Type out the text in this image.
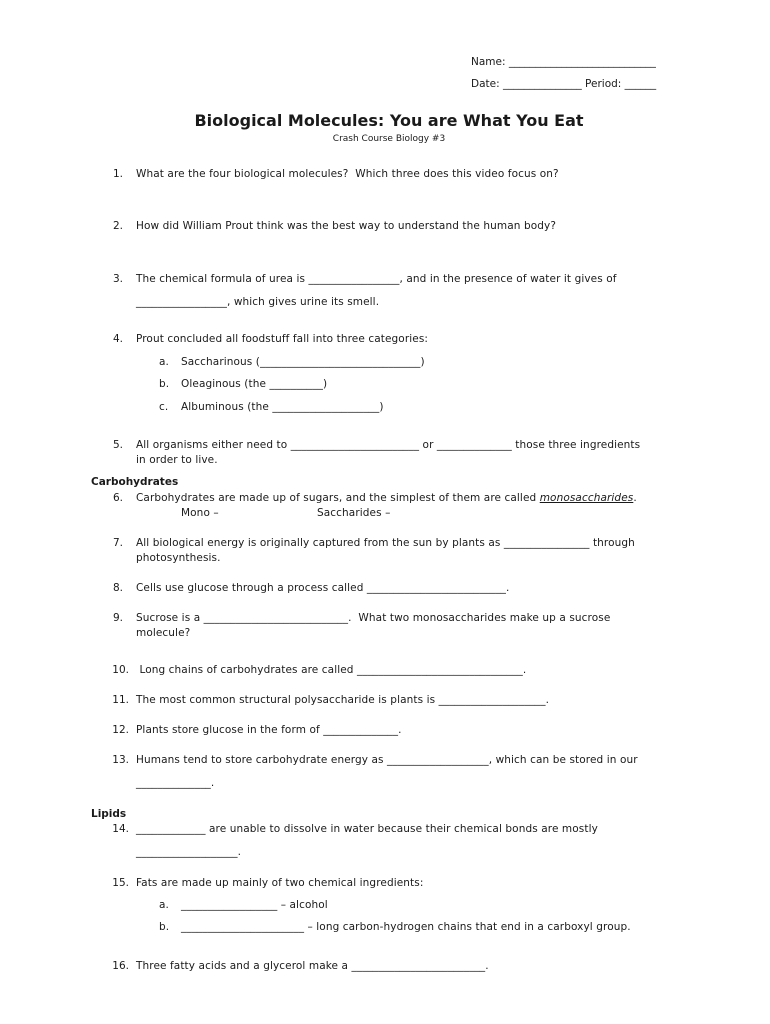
Name: ____________________________
Date: _______________ Period: ______
Biological Molecules: You are What You Eat
Crash Course Biology #3
1. What are the four biological molecules?  Which three does this video focus on?
2. How did William Prout think was the best way to understand the human body?
3. The chemical formula of urea is _________________, and in the presence of water it gives of
_________________, which gives urine its smell.
4. Prout concluded all foodstuff fall into three categories:
a. Saccharinous (______________________________)
b. Oleaginous (the __________)
c. Albuminous (the ____________________)
5. All organisms either need to ________________________ or ______________ those three ingredients
in order to live.
Carbohydrates
6. Carbohydrates are made up of sugars, and the simplest of them are called monosaccharides.
Mono –	Saccharides –
7. All biological energy is originally captured from the sun by plants as ________________ through
photosynthesis.
8. Cells use glucose through a process called __________________________.
9. Sucrose is a ___________________________.  What two monosaccharides make up a sucrose
molecule?
10. Long chains of carbohydrates are called _______________________________.
11. The most common structural polysaccharide is plants is ____________________.
12. Plants store glucose in the form of ______________.
13. Humans tend to store carbohydrate energy as ___________________, which can be stored in our
______________.
Lipids
14. _____________ are unable to dissolve in water because their chemical bonds are mostly
___________________.
15. Fats are made up mainly of two chemical ingredients:
a. __________________ – alcohol
b. _______________________ – long carbon-hydrogen chains that end in a carboxyl group.
16. Three fatty acids and a glycerol make a _________________________.
